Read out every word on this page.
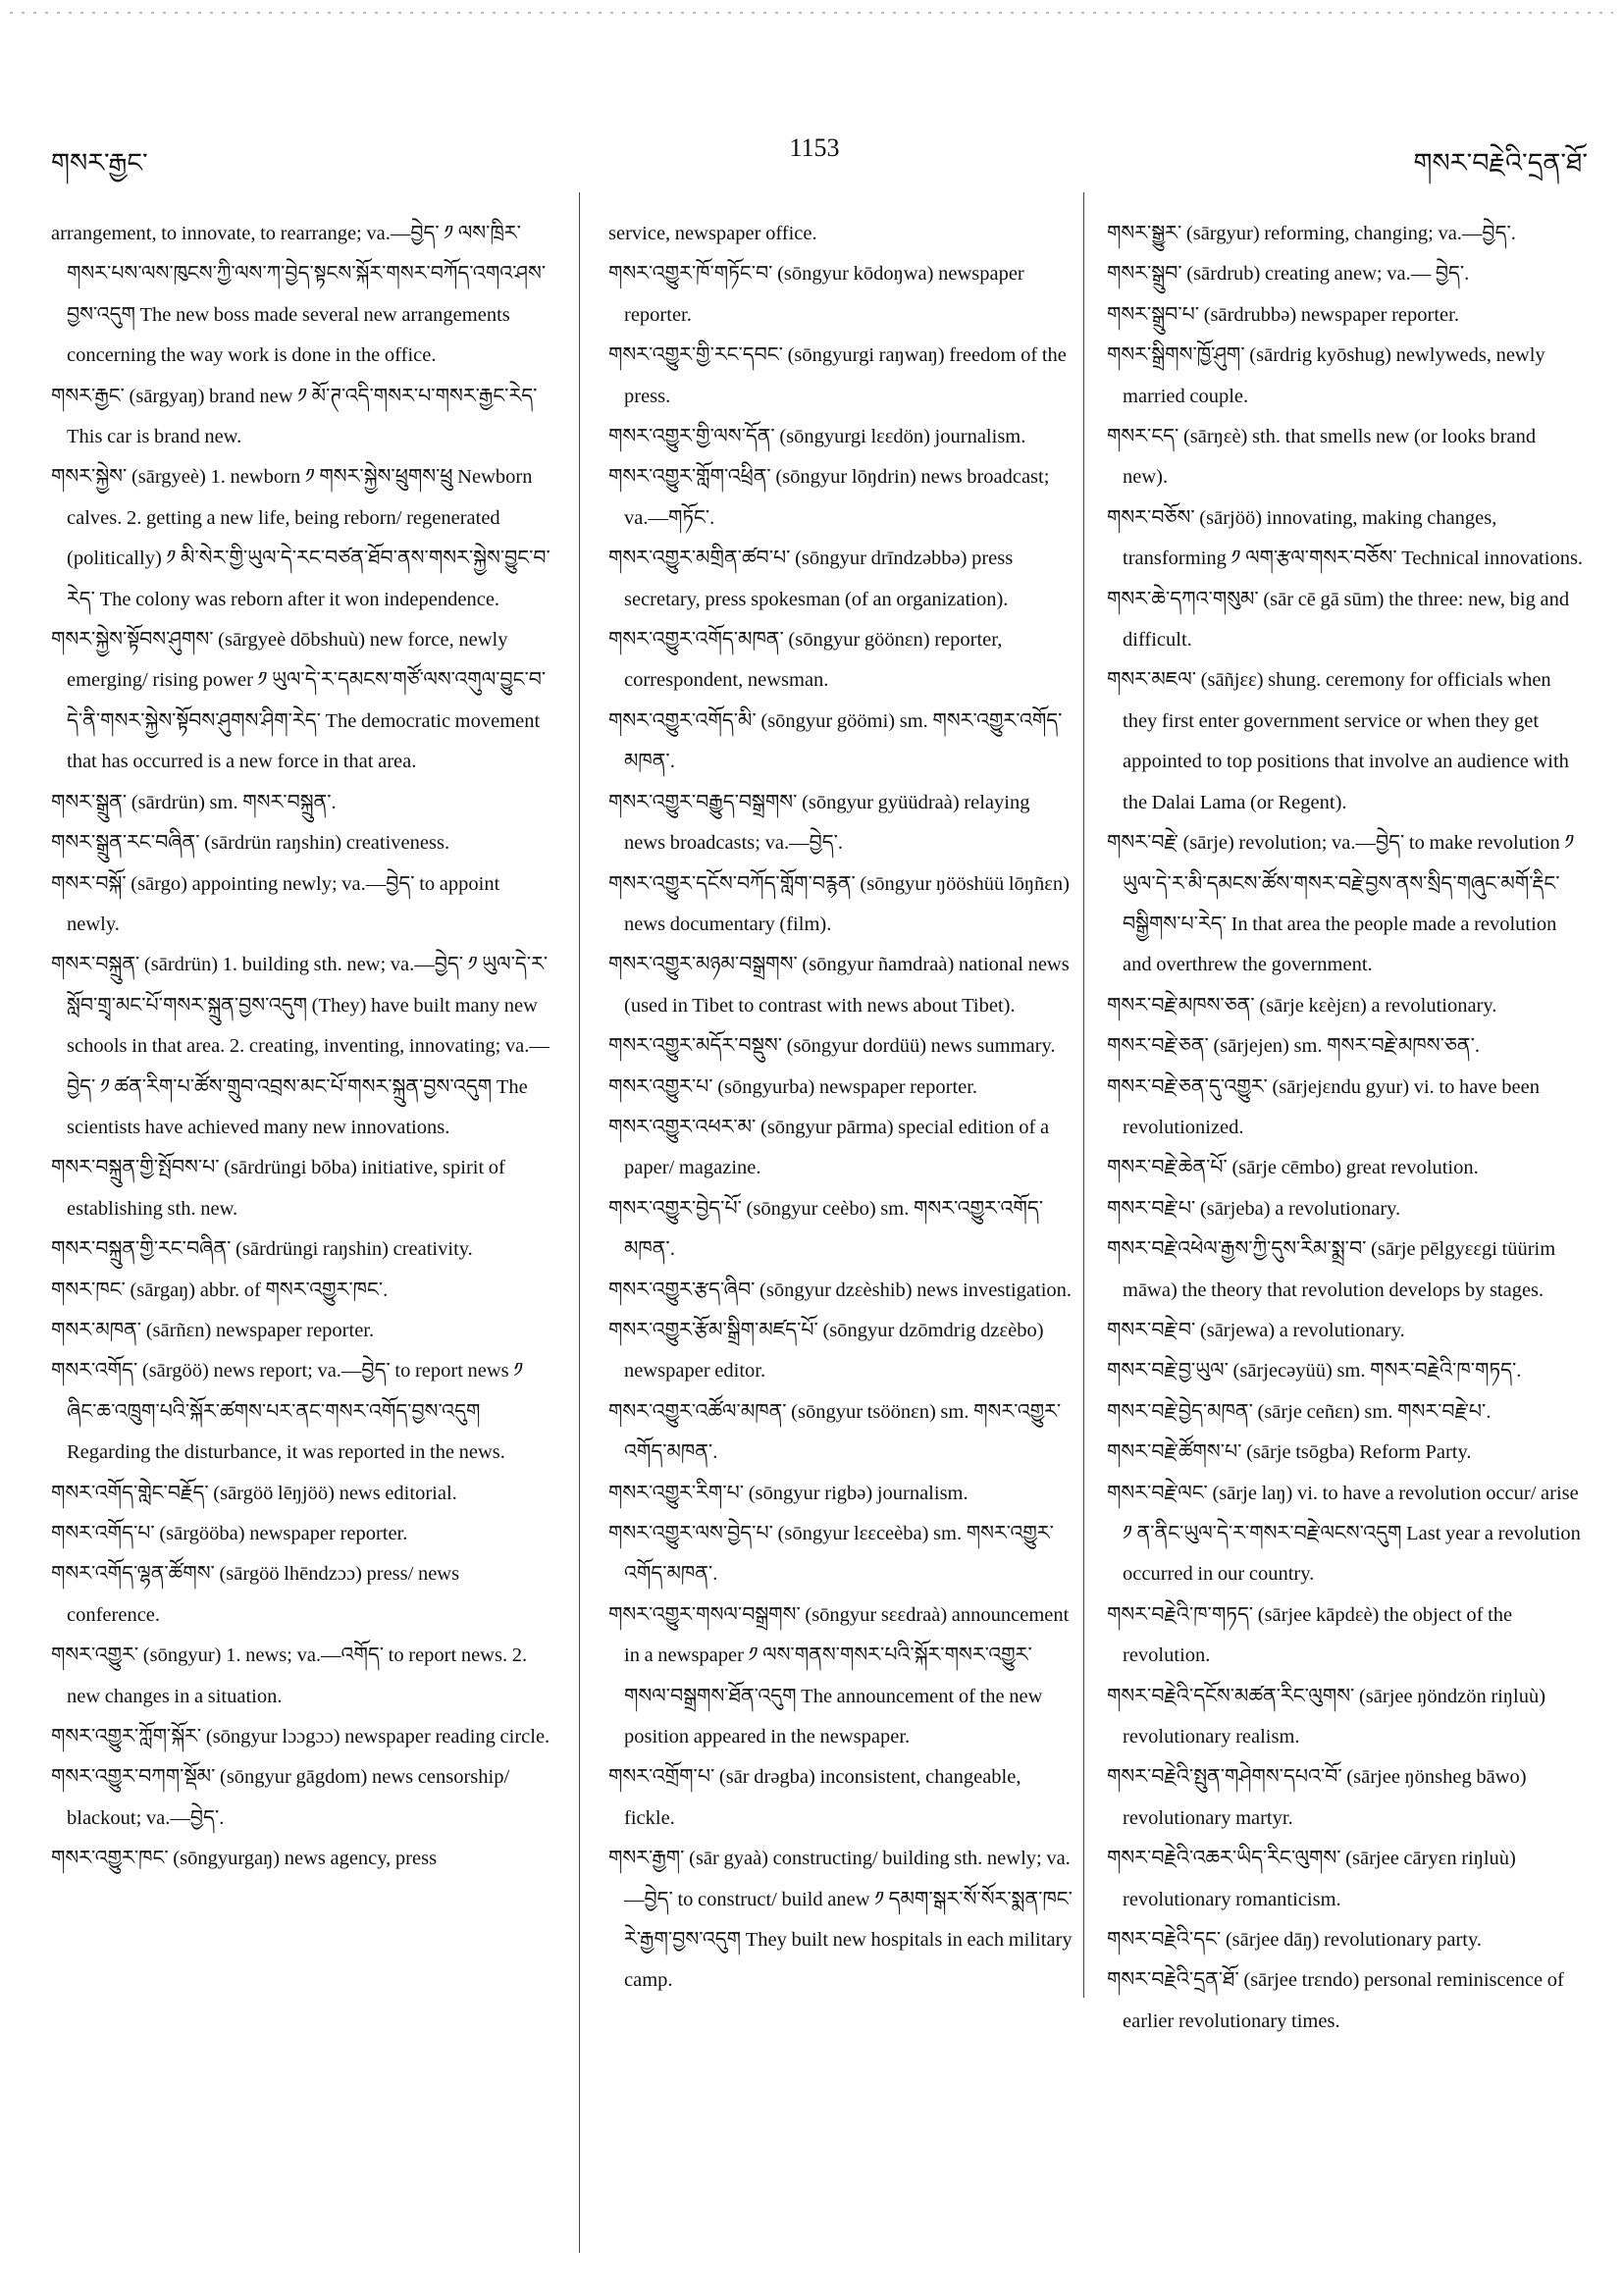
གསར་རྒྱང་
1153
གསར་བརྗེའི་དྲན་ཐོ་

arrangement, to innovate, to rearrange; va.—བྱེད་ ༡ ལས་ཁྲིར་གསར་པས་ལས་ཁུངས་ཀྱི་ལས་ཀ་བྱེད་སྟངས་སྐོར་གསར་བཀོད་འགའ་ཤས་བྱས་འདུག The new boss made several new arrangements concerning the way work is done in the office.

གསར་རྒྱང་ (sārgyaŋ) brand new ༡ མོ་ཊ་འདི་གསར་པ་གསར་རྒྱང་རེད་ This car is brand new.

གསར་སྐྱེས་ (sārgyeè) 1. newborn ༡ གསར་སྐྱེས་ཕྲུགས་ཕྲུ Newborn calves. 2. getting a new life, being reborn/ regenerated (politically) ༡ མི་སེར་གྱི་ཡུལ་དེ་རང་བཙན་ཐོབ་ནས་གསར་སྐྱེས་བྱུང་བ་རེད་ The colony was reborn after it won independence.

གསར་སྐྱེས་སྟོབས་ཤུགས་ (sārgyeè dōbshuù) new force, newly emerging/ rising power ༡ ཡུལ་དེ་ར་དམངས་གཙོ་ལས་འགུལ་བྱུང་བ་དེ་ནི་གསར་སྐྱེས་སྟོབས་ཤུགས་ཤིག་རེད་ The democratic movement that has occurred is a new force in that area.

གསར་སྒྲུན་ (sārdrün) sm. གསར་བསྐྲུན་.

གསར་སྒྲུན་རང་བཞིན་ (sārdrün raŋshin) creativeness.

གསར་བསྐོ་ (sārgo) appointing newly; va.—བྱེད་ to appoint newly.

གསར་བསྐྲུན་ (sārdrün) 1. building sth. new; va.—བྱེད་ ༡ ཡུལ་དེ་ར་སློབ་གྲྭ་མང་པོ་གསར་སྐྲུན་བྱས་འདུག (They) have built many new schools in that area. 2. creating, inventing, innovating; va.—བྱེད་ ༡ ཚན་རིག་པ་ཚོས་གྲུབ་འབྲས་མང་པོ་གསར་སྐྲུན་བྱས་འདུག The scientists have achieved many new innovations.

གསར་བསྐྲུན་གྱི་སྤོབས་པ་ (sārdrüngi bōba) initiative, spirit of establishing sth. new.

གསར་བསྐྲུན་གྱི་རང་བཞིན་ (sārdrüngi raŋshin) creativity.

གསར་ཁང་ (sārgaŋ) abbr. of གསར་འགྱུར་ཁང་.

གསར་མཁན་ (sārñεn) newspaper reporter.

གསར་འགོད་ (sārgöö) news report; va.—བྱེད་ to report news ༡ ཞིང་ཆ་འཁྲུག་པའི་སྐོར་ཚགས་པར་ནང་གསར་འགོད་བྱས་འདུག Regarding the disturbance, it was reported in the news.

གསར་འགོད་གླེང་བརྗོད་ (sārgöö lēŋjöö) news editorial.

གསར་འགོད་པ་ (sārgööba) newspaper reporter.

གསར་འགོད་ལྷན་ཚོགས་ (sārgöö lhēndzɔɔ) press/ news conference.

གསར་འགྱུར་ (sōngyur) 1. news; va.—འགོད་ to report news. 2. new changes in a situation.

གསར་འགྱུར་ཀློག་སྐོར་ (sōngyur lɔɔgɔɔ) newspaper reading circle.

གསར་འགྱུར་བཀག་སྡོམ་ (sōngyur gāgdom) news censorship/ blackout; va.—བྱེད་.

གསར་འགྱུར་ཁང་ (sōngyurgaŋ) news agency, press

service, newspaper office.

གསར་འགྱུར་ཁོ་གཏོང་བ་ (sōngyur kōdoŋwa) newspaper reporter.

གསར་འགྱུར་གྱི་རང་དབང་ (sōngyurgi raŋwaŋ) freedom of the press.

གསར་འགྱུར་གྱི་ལས་དོན་ (sōngyurgi lεεdön) journalism.

གསར་འགྱུར་གློག་འཕྲིན་ (sōngyur lōŋdrin) news broadcast; va.—གཏོང་.

གསར་འགྱུར་མགྲིན་ཚབ་པ་ (sōngyur drīndzəbbə) press secretary, press spokesman (of an organization).

གསར་འགྱུར་འགོད་མཁན་ (sōngyur göönεn) reporter, correspondent, newsman.

གསར་འགྱུར་འགོད་མི་ (sōngyur göömi) sm. གསར་འགྱུར་འགོད་མཁན་.

གསར་འགྱུར་བརྒྱུད་བསྒྲགས་ (sōngyur gyüüdraà) relaying news broadcasts; va.—བྱེད་.

གསར་འགྱུར་དངོས་བཀོད་གློག་བརྙན་ (sōngyur ŋööshüü lōŋñεn) news documentary (film).

གསར་འགྱུར་མཉམ་བསྒྲགས་ (sōngyur ñamdraà) national news (used in Tibet to contrast with news about Tibet).

གསར་འགྱུར་མདོར་བསྡུས་ (sōngyur dordüü) news summary.

གསར་འགྱུར་པ་ (sōngyurba) newspaper reporter.

གསར་འགྱུར་འཕར་མ་ (sōngyur pārma) special edition of a paper/ magazine.

གསར་འགྱུར་བྱེད་པོ་ (sōngyur ceèbo) sm. གསར་འགྱུར་འགོད་མཁན་.

གསར་འགྱུར་རྩད་ཞིབ་ (sōngyur dzεèshib) news investigation.

གསར་འགྱུར་རྩོམ་སྒྲིག་མཛད་པོ་ (sōngyur dzōmdrig dzεèbo) newspaper editor.

གསར་འགྱུར་འཚོལ་མཁན་ (sōngyur tsöönεn) sm. གསར་འགྱུར་འགོད་མཁན་.

གསར་འགྱུར་རིག་པ་ (sōngyur rigbə) journalism.

གསར་འགྱུར་ལས་བྱེད་པ་ (sōngyur lεεceèba) sm. གསར་འགྱུར་འགོད་མཁན་.

གསར་འགྱུར་གསལ་བསྒྲགས་ (sōngyur sεεdraà) announcement in a newspaper ༡ ལས་གནས་གསར་པའི་སྐོར་གསར་འགྱུར་གསལ་བསྒྲགས་ཐོན་འདུག The announcement of the new position appeared in the newspaper.

གསར་འགྲོག་པ་ (sār drəgba) inconsistent, changeable, fickle.

གསར་རྒྱག་ (sār gyaà) constructing/ building sth. newly; va.—བྱེད་ to construct/ build anew ༡ དམག་སྒར་སོ་སོར་སྨན་ཁང་རེ་རྒྱག་བྱས་འདུག They built new hospitals in each military camp.

གསར་སྒྱུར་ (sārgyur) reforming, changing; va.—བྱེད་.

གསར་སྒྲུབ་ (sārdrub) creating anew; va.— བྱེད་.

གསར་སྒྲུབ་པ་ (sārdrubbə) newspaper reporter.

གསར་སྒྲིགས་ཁྱོ་ཤུག་ (sārdrig kyōshug) newlyweds, newly married couple.

གསར་ངད་ (sārŋεè) sth. that smells new (or looks brand new).

གསར་བཅོས་ (sārjöö) innovating, making changes, transforming ༡ ལག་རྩལ་གསར་བཅོས་ Technical innovations.

གསར་ཆེ་དཀའ་གསུམ་ (sār cē gā sūm) the three: new, big and difficult.

གསར་མཇལ་ (sāñjεε) shung. ceremony for officials when they first enter government service or when they get appointed to top positions that involve an audience with the Dalai Lama (or Regent).

གསར་བརྗེ་ (sārje) revolution; va.—བྱེད་ to make revolution ༡ ཡུལ་དེ་ར་མི་དམངས་ཚོས་གསར་བརྗེ་བྱས་ནས་སྲིད་གཞུང་མགོ་རྡིང་བསྒྱིགས་པ་རེད་ In that area the people made a revolution and overthrew the government.

གསར་བརྗེ་མཁས་ཅན་ (sārje kεèjεn) a revolutionary.

གསར་བརྗེ་ཅན་ (sārjejen) sm. གསར་བརྗེ་མཁས་ཅན་.

གསར་བརྗེ་ཅན་དུ་འགྱུར་ (sārjejεndu gyur) vi. to have been revolutionized.

གསར་བརྗེ་ཆེན་པོ་ (sārje cēmbo) great revolution.

གསར་བརྗེ་པ་ (sārjeba) a revolutionary.

གསར་བརྗེ་འཕེལ་རྒྱས་ཀྱི་དུས་རིམ་སྨྲ་བ་ (sārje pēlgyεεgi tüürim māwa) the theory that revolution develops by stages.

གསར་བརྗེ་བ་ (sārjewa) a revolutionary.

གསར་བརྗེ་བྱ་ཡུལ་ (sārjecəyüü) sm. གསར་བརྗེའི་ཁ་གཏད་.

གསར་བརྗེ་བྱེད་མཁན་ (sārje ceñεn) sm. གསར་བརྗེ་པ་.

གསར་བརྗེ་ཚོགས་པ་ (sārje tsōgba) Reform Party.

གསར་བརྗེ་ལང་ (sārje laŋ) vi. to have a revolution occur/ arise ༡ ན་ནིང་ཡུལ་དེ་ར་གསར་བརྗེ་ལངས་འདུག Last year a revolution occurred in our country.

གསར་བརྗེའི་ཁ་གཏད་ (sārjee kāpdεè) the object of the revolution.

གསར་བརྗེའི་དངོས་མཚན་རིང་ལུགས་ (sārjee ŋöndzön riŋluù) revolutionary realism.

གསར་བརྗེའི་སྤུན་གཤེགས་དཔའ་བོ་ (sārjee ŋönsheg bāwo) revolutionary martyr.

གསར་བརྗེའི་འཆར་ཡིད་རིང་ལུགས་ (sārjee cāryεn riŋluù) revolutionary romanticism.

གསར་བརྗེའི་དང་ (sārjee dāŋ) revolutionary party.

གསར་བརྗེའི་དྲན་ཐོ་ (sārjee trεndo) personal reminiscence of earlier revolutionary times.
